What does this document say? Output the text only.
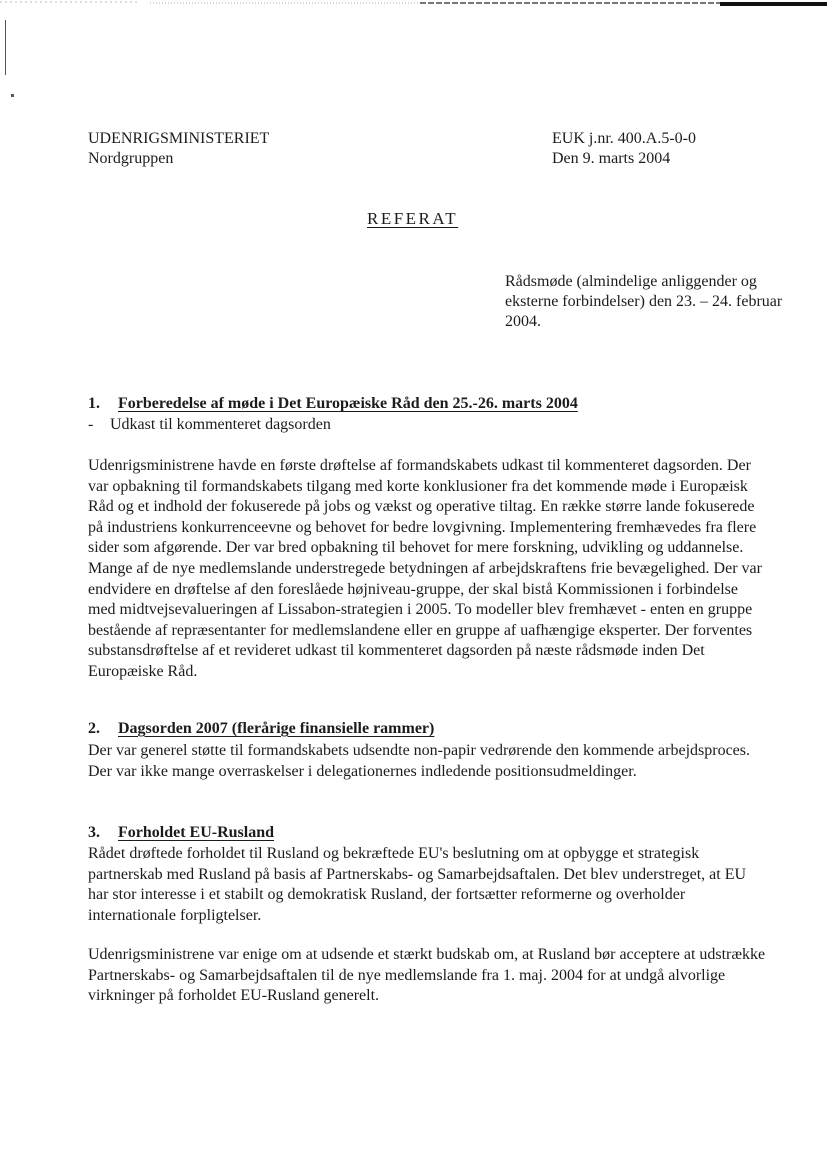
UDENRIGSMINISTERIET
Nordgruppen
EUK j.nr. 400.A.5-0-0
Den 9. marts 2004
REFERAT
Rådsmøde (almindelige anliggender og eksterne forbindelser) den 23. – 24. februar 2004.
1. Forberedelse af møde i Det Europæiske Råd den 25.-26. marts 2004
- Udkast til kommenteret dagsorden
Udenrigsministrene havde en første drøftelse af formandskabets udkast til kommenteret dagsorden. Der var opbakning til formandskabets tilgang med korte konklusioner fra det kommende møde i Europæisk Råd og et indhold der fokuserede på jobs og vækst og operative tiltag. En række større lande fokuserede på industriens konkurrenceevne og behovet for bedre lovgivning. Implementering fremhævedes fra flere sider som afgørende. Der var bred opbakning til behovet for mere forskning, udvikling og uddannelse. Mange af de nye medlemslande understregede betydningen af arbejdskraftens frie bevægelighed. Der var endvidere en drøftelse af den foreslåede højniveau-gruppe, der skal bistå Kommissionen i forbindelse med midtvejsevalueringen af Lissabon-strategien i 2005. To modeller blev fremhævet - enten en gruppe bestående af repræsentanter for medlemslandene eller en gruppe af uafhængige eksperter. Der forventes substansdrøftelse af et revideret udkast til kommenteret dagsorden på næste rådsmøde inden Det Europæiske Råd.
2. Dagsorden 2007 (flerårige finansielle rammer)
Der var generel støtte til formandskabets udsendte non-papir vedrørende den kommende arbejdsproces. Der var ikke mange overraskelser i delegationernes indledende positionsudmeldinger.
3. Forholdet EU-Rusland
Rådet drøftede forholdet til Rusland og bekræftede EU's beslutning om at opbygge et strategisk partnerskab med Rusland på basis af Partnerskabs- og Samarbejdsaftalen. Det blev understreget, at EU har stor interesse i et stabilt og demokratisk Rusland, der fortsætter reformerne og overholder internationale forpligtelser.
Udenrigsministrene var enige om at udsende et stærkt budskab om, at Rusland bør acceptere at udstrække Partnerskabs- og Samarbejdsaftalen til de nye medlemslande fra 1. maj. 2004 for at undgå alvorlige virkninger på forholdet EU-Rusland generelt.
